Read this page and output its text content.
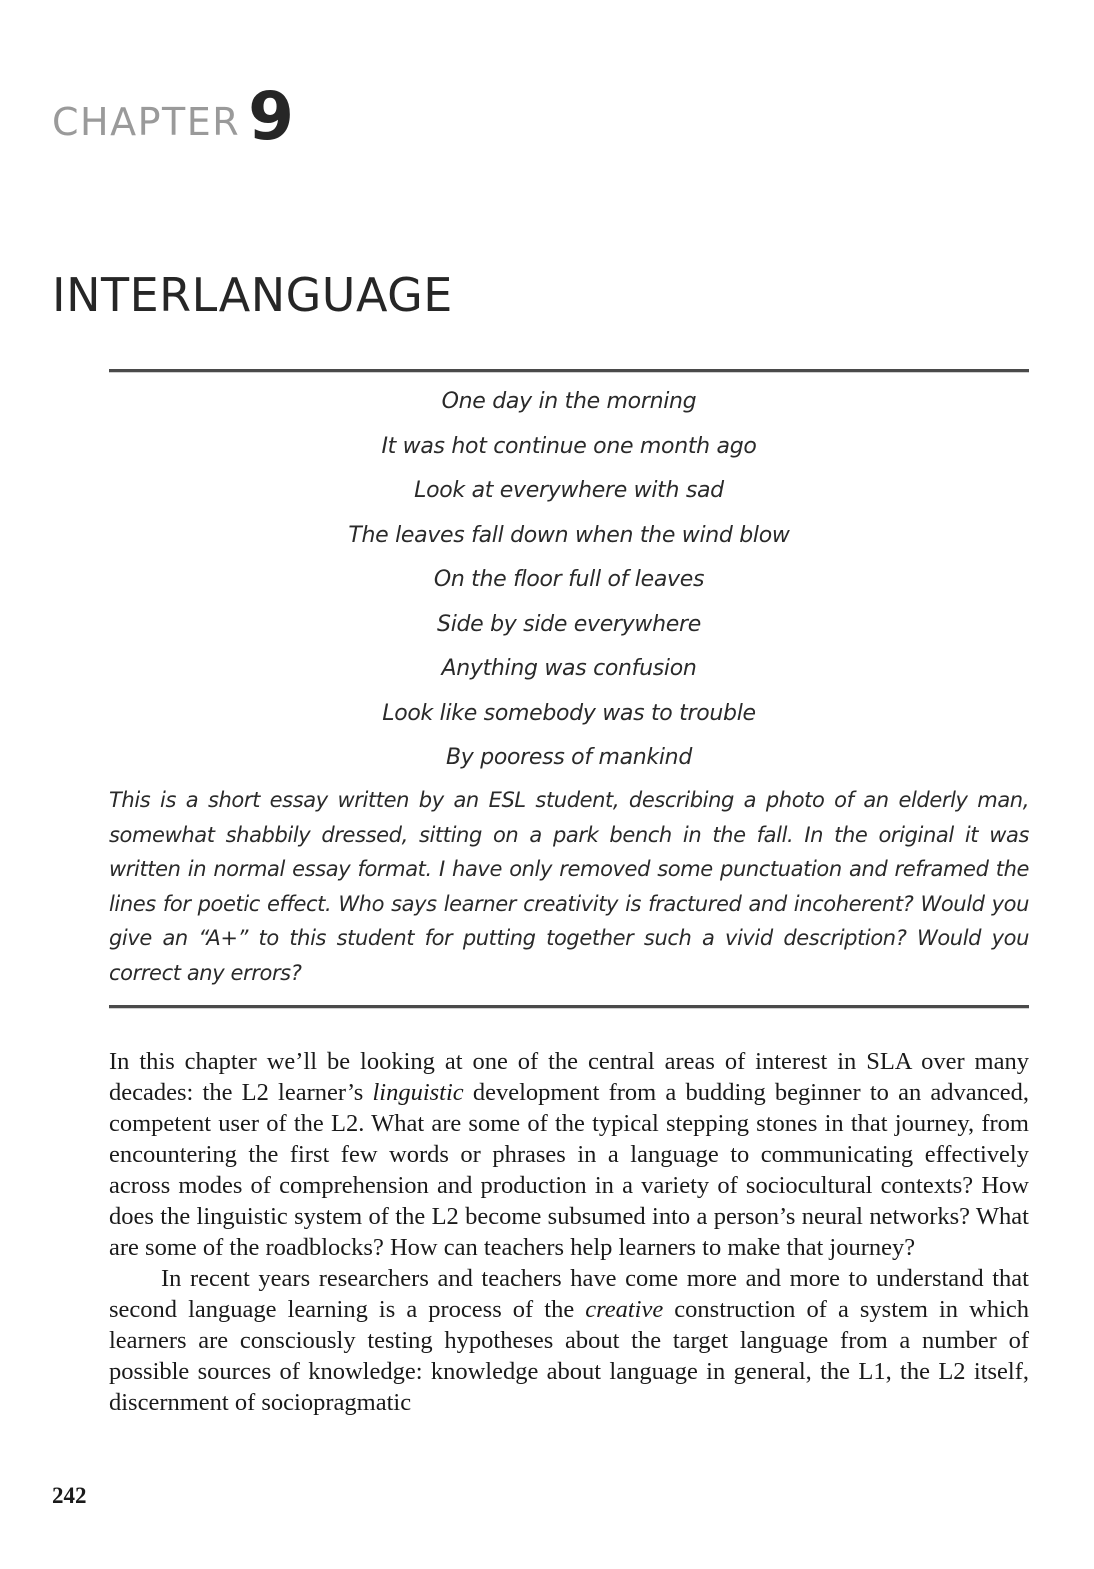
CHAPTER 9
INTERLANGUAGE
One day in the morning
It was hot continue one month ago
Look at everywhere with sad
The leaves fall down when the wind blow
On the floor full of leaves
Side by side everywhere
Anything was confusion
Look like somebody was to trouble
By pooress of mankind

This is a short essay written by an ESL student, describing a photo of an elderly man, somewhat shabbily dressed, sitting on a park bench in the fall. In the original it was written in normal essay format. I have only removed some punctuation and reframed the lines for poetic effect. Who says learner creativity is fractured and incoherent? Would you give an “A+” to this student for putting together such a vivid description? Would you correct any errors?

In this chapter we’ll be looking at one of the central areas of interest in SLA over many decades: the L2 learner’s linguistic development from a budding beginner to an advanced, competent user of the L2. What are some of the typical stepping stones in that journey, from encountering the first few words or phrases in a language to communicating effectively across modes of comprehension and production in a variety of sociocultural contexts? How does the linguistic system of the L2 become subsumed into a person’s neural networks? What are some of the roadblocks? How can teachers help learners to make that journey?

In recent years researchers and teachers have come more and more to understand that second language learning is a process of the creative construction of a system in which learners are consciously testing hypotheses about the target language from a number of possible sources of knowledge: knowledge about language in general, the L1, the L2 itself, discernment of sociopragmatic

242
